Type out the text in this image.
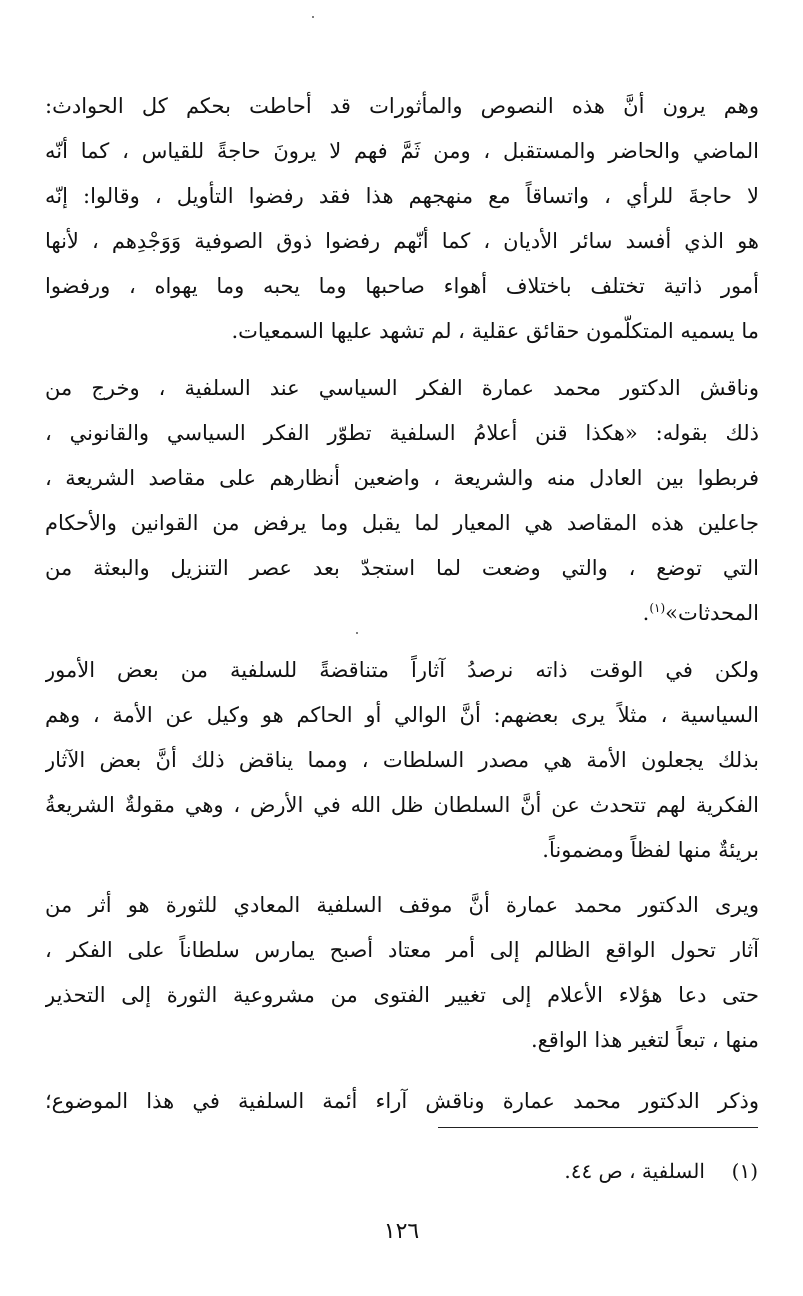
وهم يرون أنَّ هذه النصوص والمأثورات قد أحاطت بحكم كل الحوادث:
الماضي والحاضر والمستقبل ، ومن ثَمَّ فهم لا يرونَ حاجةً للقياس ، كما أنّه
لا حاجةَ للرأي ، واتساقاً مع منهجهم هذا فقد رفضوا التأويل ، وقالوا: إنّه
هو الذي أفسد سائر الأديان ، كما أنّهم رفضوا ذوق الصوفية وَوَجْدِهم ، لأنها
أمور ذاتية تختلف باختلاف أهواء صاحبها وما يحبه وما يهواه ، ورفضوا
ما يسميه المتكلّمون حقائق عقلية ، لم تشهد عليها السمعيات.
وناقش الدكتور محمد عمارة الفكر السياسي عند السلفية ، وخرج من
ذلك بقوله: «هكذا قنن أعلامُ السلفية تطوّر الفكر السياسي والقانوني ،
فربطوا بين العادل منه والشريعة ، واضعين أنظارهم على مقاصد الشريعة ،
جاعلين هذه المقاصد هي المعيار لما يقبل وما يرفض من القوانين والأحكام
التي توضع ، والتي وضعت لما استجدّ بعد عصر التنزيل والبعثة من
المحدثات»$^{(١)}$.
ولكن في الوقت ذاته نرصدُ آثاراً متناقضةً للسلفية من بعض الأمور
السياسية ، مثلاً يرى بعضهم: أنَّ الوالي أو الحاكم هو وكيل عن الأمة ، وهم
بذلك يجعلون الأمة هي مصدر السلطات ، ومما يناقض ذلك أنَّ بعض الآثار
الفكرية لهم تتحدث عن أنَّ السلطان ظل الله في الأرض ، وهي مقولةٌ الشريعةُ
بريئةٌ منها لفظاً ومضموناً.
ويرى الدكتور محمد عمارة أنَّ موقف السلفية المعادي للثورة هو أثر من
آثار تحول الواقع الظالم إلى أمر معتاد أصبح يمارس سلطاناً على الفكر ،
حتى دعا هؤلاء الأعلام إلى تغيير الفتوى من مشروعية الثورة إلى التحذير
منها ، تبعاً لتغير هذا الواقع.
وذكر الدكتور محمد عمارة وناقش آراء أئمة السلفية في هذا الموضوع؛
(١)  السلفية ، ص ٤٤.
١٢٦
